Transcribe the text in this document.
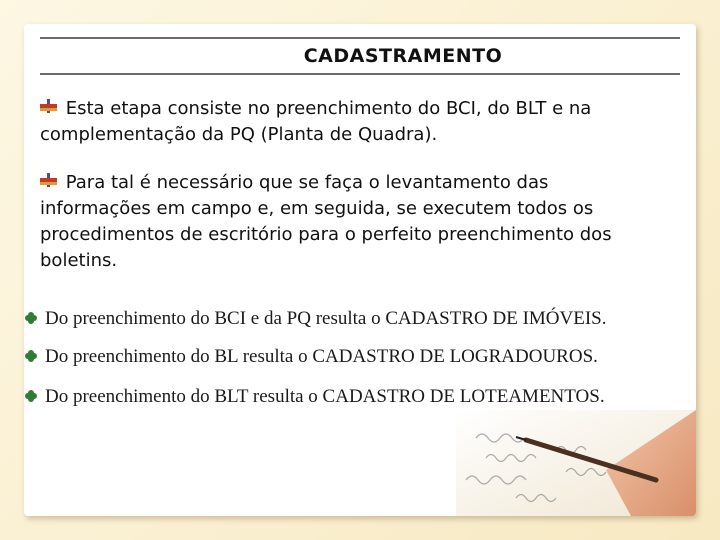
CADASTRAMENTO
Esta etapa consiste no preenchimento do BCI, do BLT e na complementação da PQ (Planta de Quadra).
Para tal é necessário que se faça o levantamento das informações em campo e, em seguida, se executem todos os procedimentos de escritório para o perfeito preenchimento dos boletins.
Do preenchimento do BCI e da PQ resulta o CADASTRO DE IMÓVEIS.
Do preenchimento do BL resulta o CADASTRO DE LOGRADOUROS.
Do preenchimento do BLT resulta o CADASTRO DE LOTEAMENTOS.
